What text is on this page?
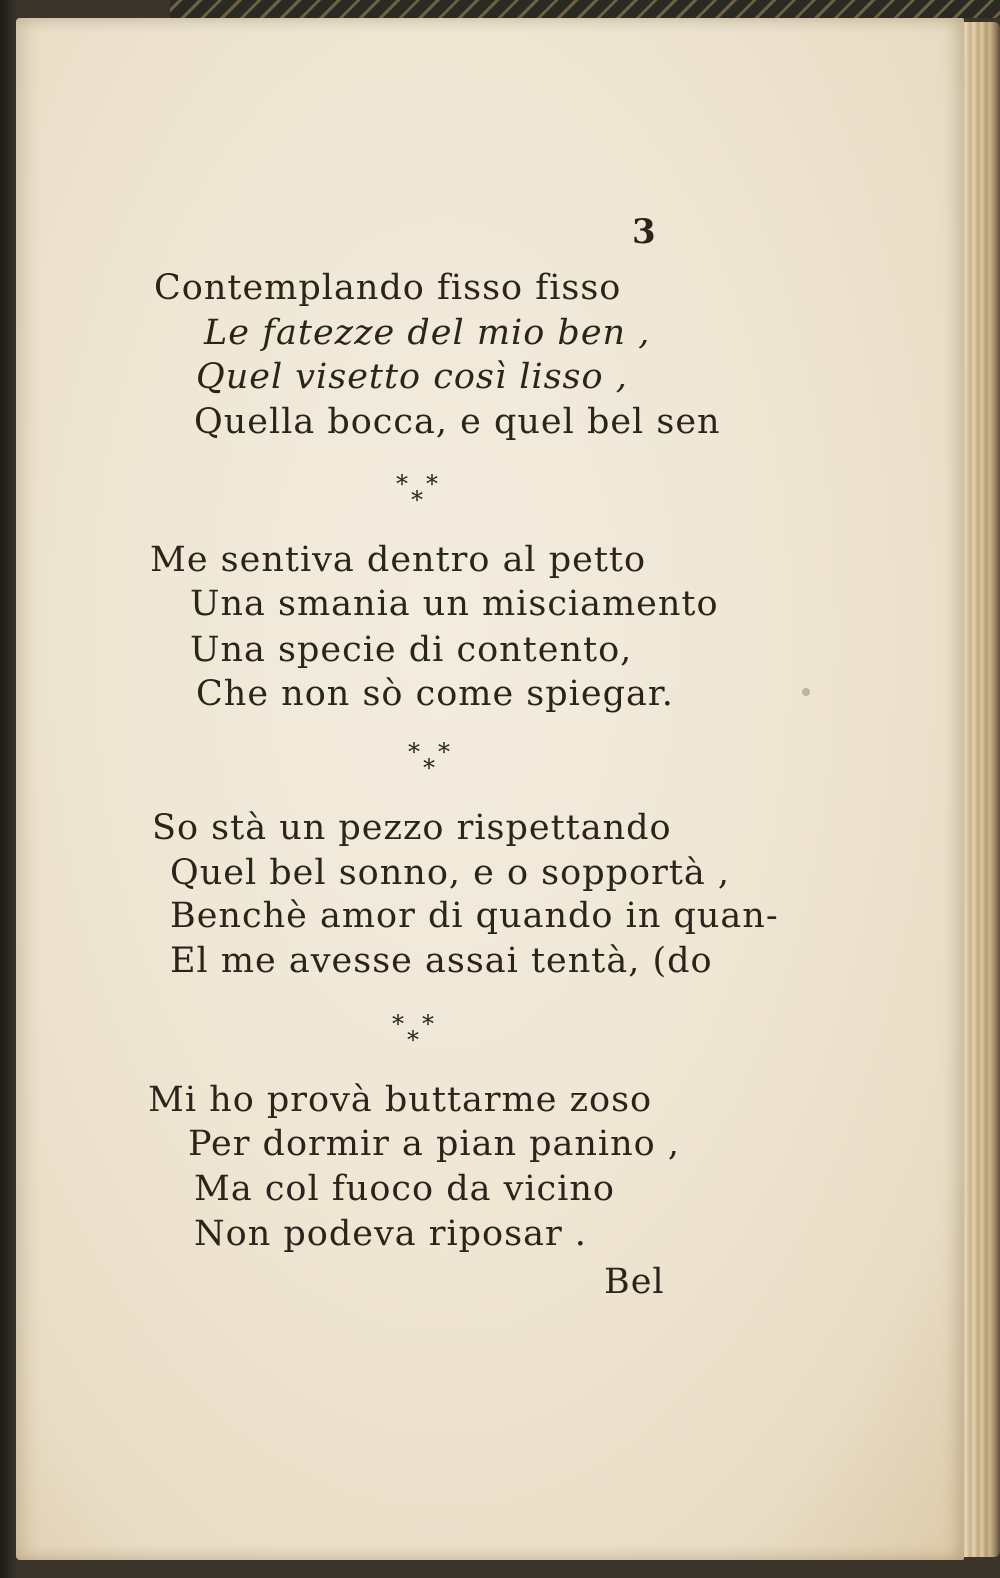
3
Contemplando fisso fisso
Le fatezze del mio ben ,
Quel visetto così lisso ,
Quella bocca, e quel bel sen
* *
*
Me sentiva dentro al petto
Una smania un misciamento
Una specie di contento,
Che non sò come spiegar.
* *
*
So stà un pezzo rispettando
Quel bel sonno, e o sopportà ,
Benchè amor di quando in quan-
El me avesse assai tentà, (do
* *
*
Mi ho provà buttarme zoso
Per dormir a pian panino ,
Ma col fuoco da vicino
Non podeva riposar .
Bel
